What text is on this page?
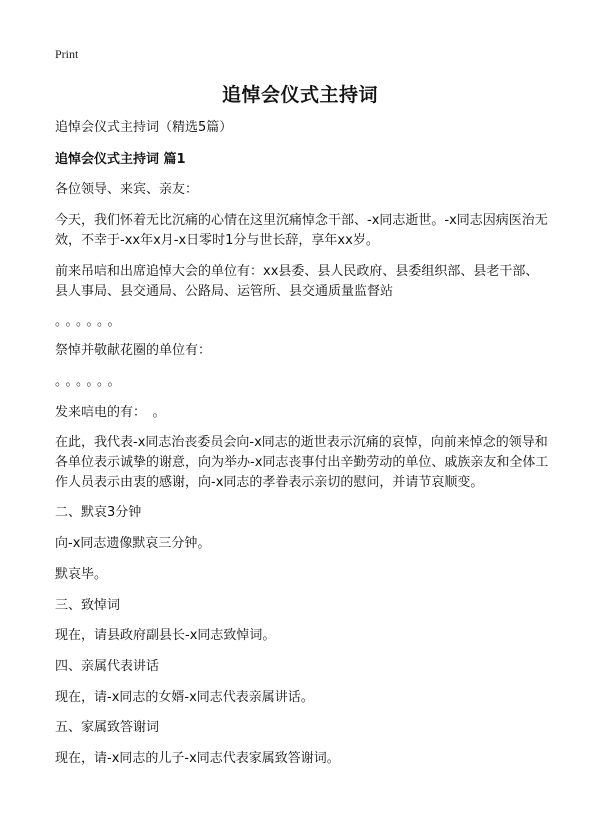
Print
追悼会仪式主持词

追悼会仪式主持词（精选5篇）

追悼会仪式主持词 篇1

各位领导、来宾、亲友：

今天，我们怀着无比沉痛的心情在这里沉痛悼念干部、-x同志逝世。-x同志因病医治无效，不幸于-xx年x月-x日零时1分与世长辞，享年xx岁。

前来吊唁和出席追悼大会的单位有：xx县委、县人民政府、县委组织部、县老干部、县人事局、县交通局、公路局、运管所、县交通质量监督站

。。。。。。

祭悼并敬献花圈的单位有：

。。。。。。

发来唁电的有：　。

在此，我代表-x同志治丧委员会向-x同志的逝世表示沉痛的哀悼，向前来悼念的领导和各单位表示诚挚的谢意，向为举办-x同志丧事付出辛勤劳动的单位、戚族亲友和全体工作人员表示由衷的感谢，向-x同志的孝眷表示亲切的慰问，并请节哀顺变。

二、默哀3分钟

向-x同志遗像默哀三分钟。

默哀毕。

三、致悼词

现在，请县政府副县长-x同志致悼词。

四、亲属代表讲话

现在，请-x同志的女婿-x同志代表亲属讲话。

五、家属致答谢词

现在，请-x同志的儿子-x同志代表家属致答谢词。
